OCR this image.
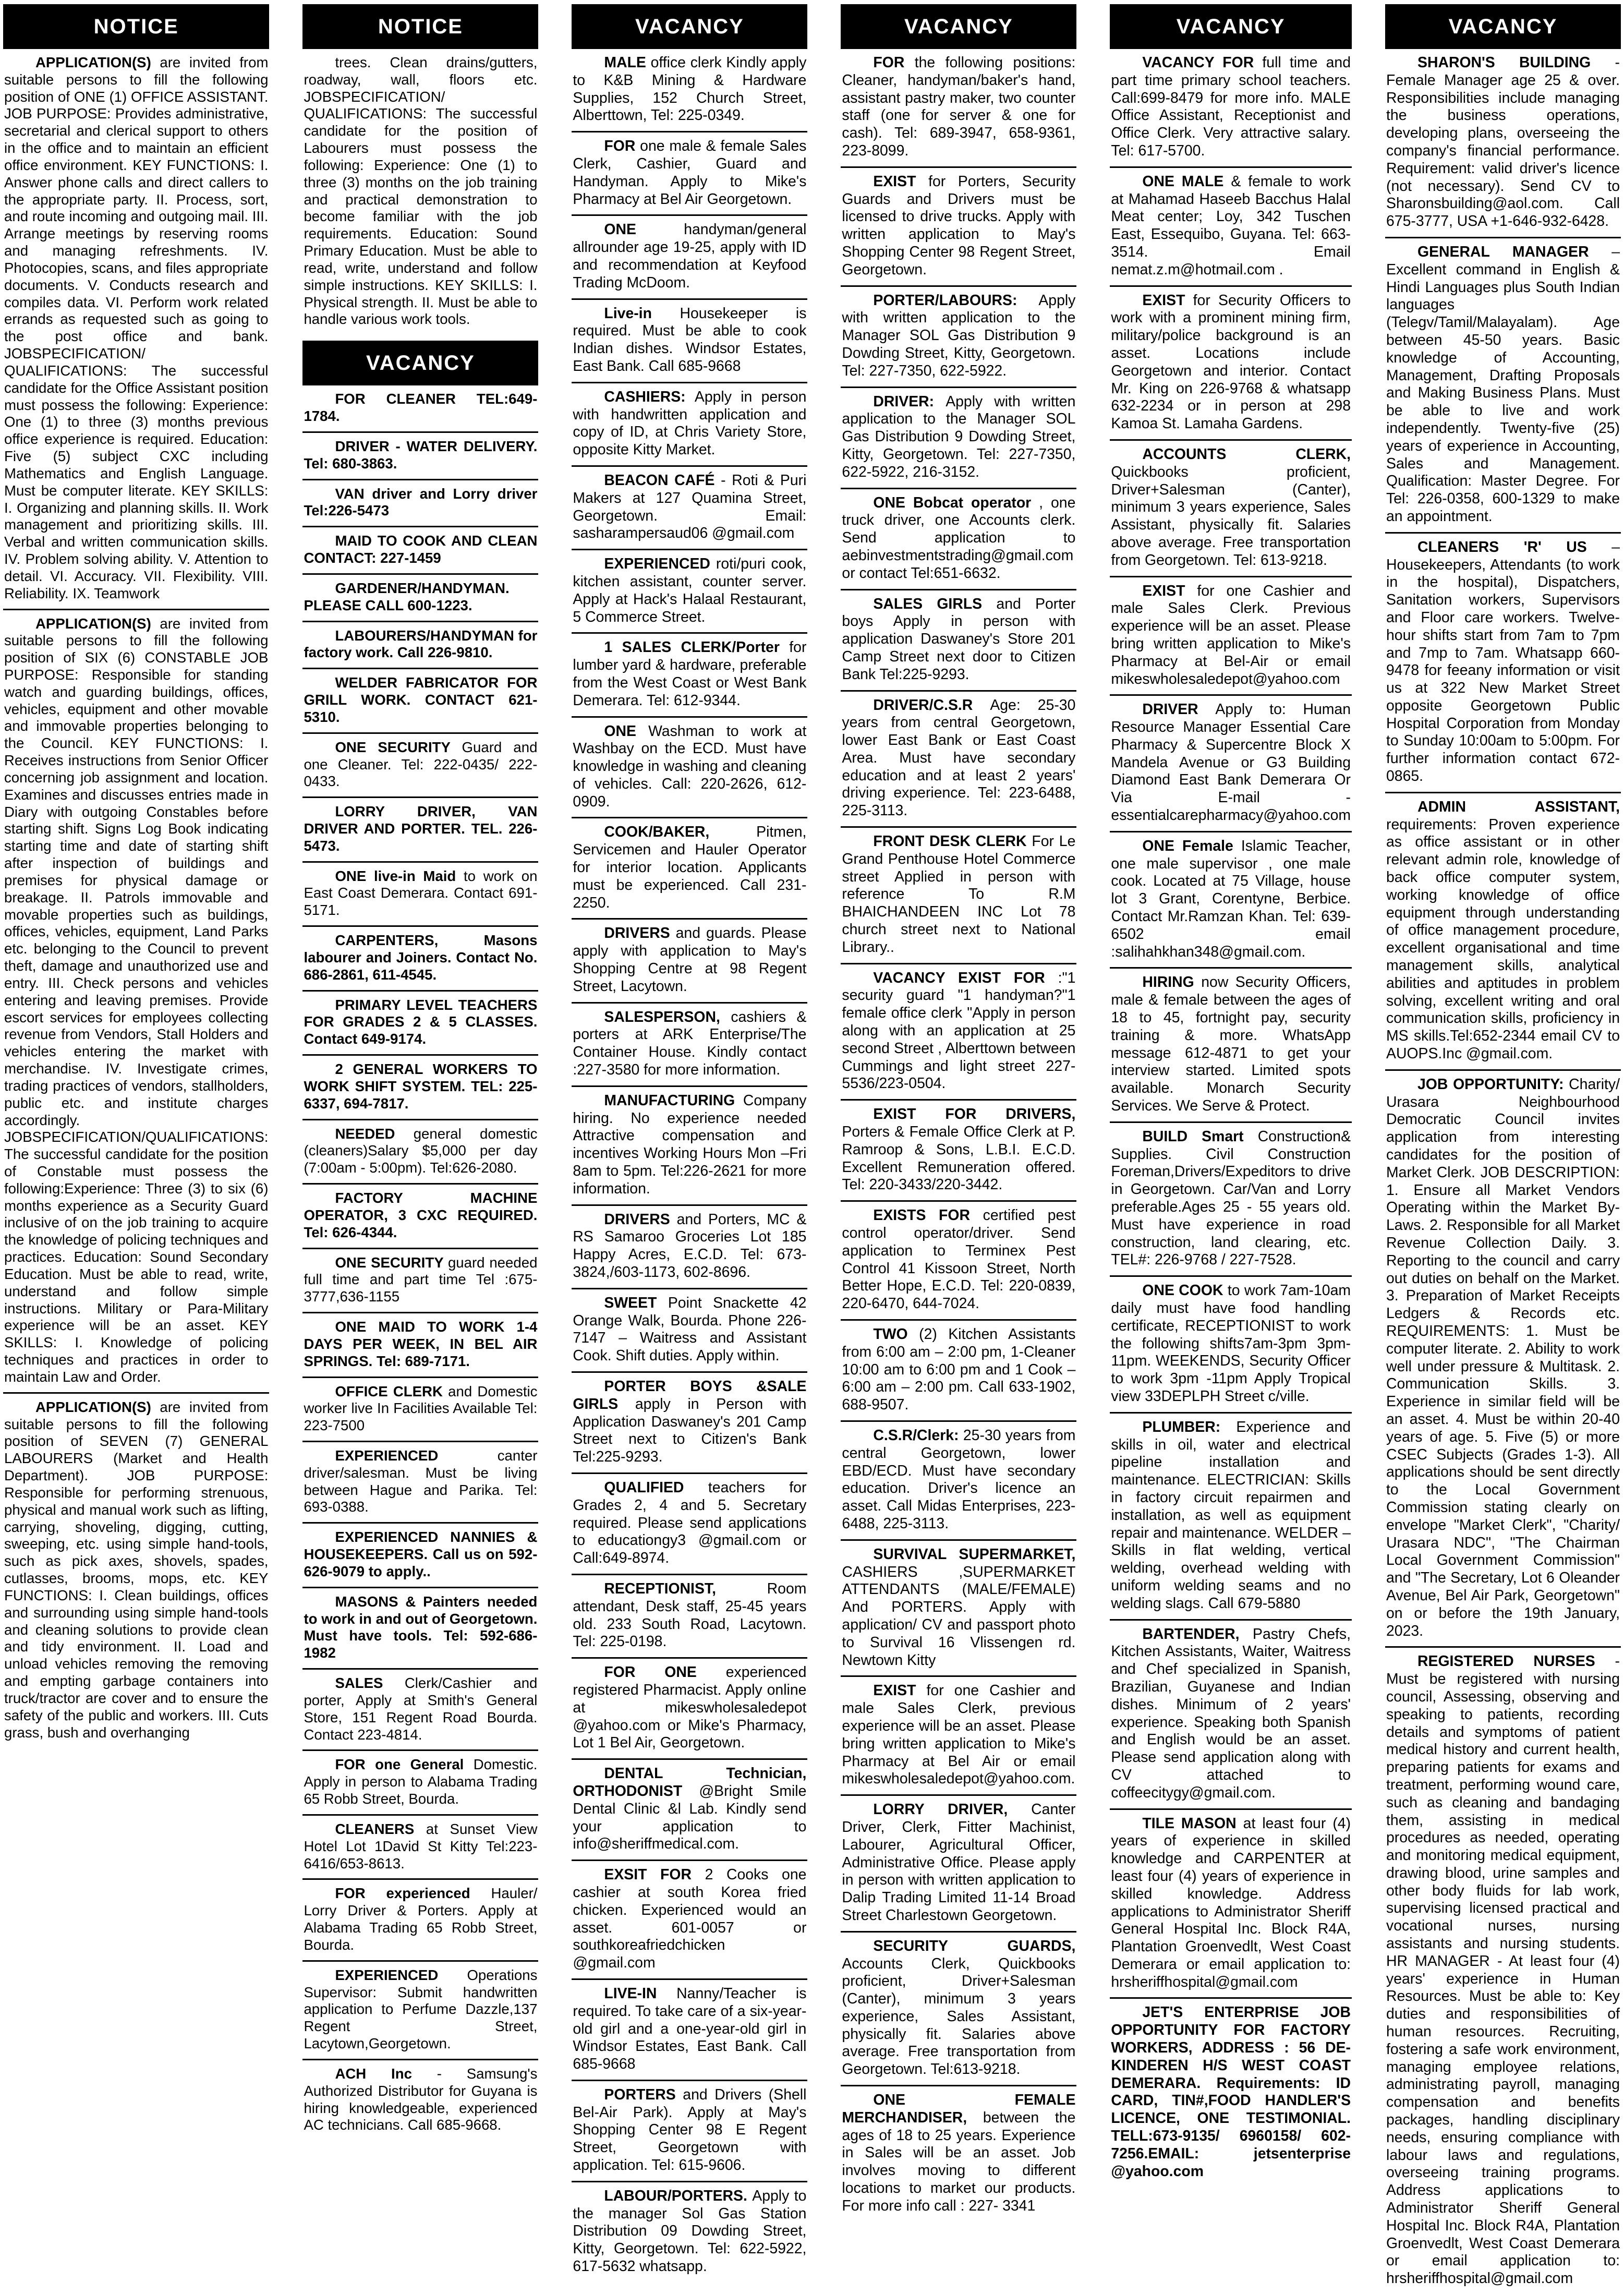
NOTICE
APPLICATION(S) are invited from suitable persons to fill the following position of ONE (1) OFFICE ASSISTANT. JOB PURPOSE: Provides administrative, secretarial and clerical support to others in the office and to maintain an efficient office environment. KEY FUNCTIONS: I. Answer phone calls and direct callers to the appropriate party. II. Process, sort, and route incoming and outgoing mail. III. Arrange meetings by reserving rooms and managing refreshments. IV. Photocopies, scans, and files appropriate documents. V. Conducts research and compiles data. VI. Perform work related errands as requested such as going to the post office and bank. JOBSPECIFICATION/ QUALIFICATIONS: The successful candidate for the Office Assistant position must possess the following: Experience: One (1) to three (3) months previous office experience is required. Education: Five (5) subject CXC including Mathematics and English Language. Must be computer literate. KEY SKILLS: I. Organizing and planning skills. II. Work management and prioritizing skills. III. Verbal and written communication skills. IV. Problem solving ability. V. Attention to detail. VI. Accuracy. VII. Flexibility. VIII. Reliability. IX. Teamwork
APPLICATION(S) are invited from suitable persons to fill the following position of SIX (6) CONSTABLE JOB PURPOSE: Responsible for standing watch and guarding buildings, offices, vehicles, equipment and other movable and immovable properties belonging to the Council. KEY FUNCTIONS: I. Receives instructions from Senior Officer concerning job assignment and location. Examines and discusses entries made in Diary with outgoing Constables before starting shift. Signs Log Book indicating starting time and date of starting shift after inspection of buildings and premises for physical damage or breakage. II. Patrols immovable and movable properties such as buildings, offices, vehicles, equipment, Land Parks etc. belonging to the Council to prevent theft, damage and unauthorized use and entry. III. Check persons and vehicles entering and leaving premises. Provide escort services for employees collecting revenue from Vendors, Stall Holders and vehicles entering the market with merchandise. IV. Investigate crimes, trading practices of vendors, stallholders, public etc. and institute charges accordingly. JOBSPECIFICATION/QUALIFICATIONS: The successful candidate for the position of Constable must possess the following:Experience: Three (3) to six (6) months experience as a Security Guard inclusive of on the job training to acquire the knowledge of policing techniques and practices. Education: Sound Secondary Education. Must be able to read, write, understand and follow simple instructions. Military or Para-Military experience will be an asset. KEY SKILLS: I. Knowledge of policing techniques and practices in order to maintain Law and Order.
APPLICATION(S) are invited from suitable persons to fill the following position of SEVEN (7) GENERAL LABOURERS (Market and Health Department). JOB PURPOSE: Responsible for performing strenuous, physical and manual work such as lifting, carrying, shoveling, digging, cutting, sweeping, etc. using simple hand-tools, such as pick axes, shovels, spades, cutlasses, brooms, mops, etc. KEY FUNCTIONS: I. Clean buildings, offices and surrounding using simple hand-tools and cleaning solutions to provide clean and tidy environment. II. Load and unload vehicles removing the removing and empting garbage containers into truck/tractor are cover and to ensure the safety of the public and workers. III. Cuts grass, bush and overhanging
NOTICE
trees. Clean drains/gutters, roadway, wall, floors etc. JOBSPECIFICATION/ QUALIFICATIONS: The successful candidate for the position of Labourers must possess the following: Experience: One (1) to three (3) months on the job training and practical demonstration to become familiar with the job requirements. Education: Sound Primary Education. Must be able to read, write, understand and follow simple instructions. KEY SKILLS: I. Physical strength. II. Must be able to handle various work tools.
VACANCY
FOR CLEANER TEL:649-1784.
DRIVER - WATER DELIVERY.Tel: 680-3863.
VAN driver and Lorry driverTel:226-5473
MAID TO COOK AND CLEAN CONTACT: 227-1459
GARDENER/HANDYMAN.PLEASE CALL 600-1223.
LABOURERS/HANDYMAN for factory work. Call 226-9810.
WELDER FABRICATOR FOR GRILL WORK. CONTACT 621-5310.
ONE SECURITY Guard and one Cleaner. Tel: 222-0435/ 222-0433.
LORRY DRIVER, VAN DRIVER AND PORTER. TEL. 226-5473.
ONE live-in Maid to work on East Coast Demerara. Contact 691-5171.
CARPENTERS, Masonslabourer and Joiners. Contact No. 686-2861, 611-4545.
PRIMARY LEVEL TEACHERS FOR GRADES 2 & 5 CLASSES.Contact 649-9174.
2 GENERAL WORKERS TO WORK SHIFT SYSTEM. TEL: 225-6337, 694-7817.
NEEDED general domestic (cleaners)Salary $5,000 per day (7:00am - 5:00pm). Tel:626-2080.
FACTORY MACHINE OPERATOR, 3 CXC REQUIRED.Tel: 626-4344.
ONE SECURITY guard needed full time and part time Tel :675-3777,636-1155
ONE MAID TO WORK 1-4 DAYS PER WEEK, IN BEL AIR SPRINGS. Tel: 689-7171.
OFFICE CLERK and Domestic worker live In Facilities Available Tel: 223-7500
EXPERIENCED	canter driver/salesman. Must be living between Hague and Parika. Tel: 693-0388.
EXPERIENCED NANNIES & HOUSEKEEPERS. Call us on 592-626-9079 to apply..
MASONS & Painters needed to work in and out of Georgetown. Must have tools. Tel: 592-686-1982
SALES Clerk/Cashier and porter, Apply at Smith's General Store, 151 Regent Road Bourda. Contact 223-4814.
FOR one General Domestic. Apply in person to Alabama Trading 65 Robb Street, Bourda.
CLEANERS at Sunset View Hotel Lot 1David St Kitty Tel:223-6416/653-8613.
FOR experienced Hauler/ Lorry Driver & Porters. Apply at Alabama Trading 65 Robb Street, Bourda.
EXPERIENCED Operations Supervisor: Submit handwritten application to Perfume Dazzle,137 Regent Street, Lacytown,Georgetown.
ACH Inc - Samsung's Authorized Distributor for Guyana is hiring knowledgeable, experienced AC technicians. Call 685-9668.
VACANCY
MALE office clerk Kindly apply to K&B Mining & Hardware Supplies, 152 Church Street, Alberttown, Tel: 225-0349.
FOR one male & female Sales Clerk, Cashier, Guard and Handyman. Apply to Mike's Pharmacy at Bel Air Georgetown.
ONE	handyman/general allrounder age 19-25, apply with ID and recommendation at Keyfood Trading McDoom.
Live-in Housekeeper is required. Must be able to cook Indian dishes. Windsor Estates, East Bank. Call 685-9668
CASHIERS: Apply in person with handwritten application and copy of ID, at Chris Variety Store, opposite Kitty Market.
BEACON CAFÉ - Roti & Puri Makers at 127 Quamina Street, Georgetown. Email: sasharampersaud06 @gmail.com
EXPERIENCED roti/puri cook, kitchen assistant, counter server. Apply at Hack's Halaal Restaurant, 5 Commerce Street.
1 SALES CLERK/Porter for lumber yard & hardware, preferable from the West Coast or West Bank Demerara. Tel: 612-9344.
ONE Washman to work at Washbay on the ECD. Must have knowledge in washing and cleaning of vehicles. Call: 220-2626, 612-0909.
COOK/BAKER,	Pitmen, Servicemen and Hauler Operator for interior location. Applicants must be experienced. Call 231-2250.
DRIVERS and guards. Please apply with application to May's Shopping Centre at 98 Regent Street, Lacytown.
SALESPERSON, cashiers & porters at ARK Enterprise/The Container House. Kindly contact :227-3580 for more information.
MANUFACTURING Company hiring. No experience needed Attractive compensation and incentives Working Hours Mon –Fri 8am to 5pm. Tel:226-2621 for more information.
DRIVERS and Porters, MC & RS Samaroo Groceries Lot 185 Happy Acres, E.C.D. Tel: 673-3824,/603-1173, 602-8696.
SWEET Point Snackette 42 Orange Walk, Bourda. Phone 226-7147 – Waitress and Assistant Cook. Shift duties. Apply within.
PORTER BOYS &SALE GIRLS apply in Person with Application Daswaney's 201 Camp Street next to Citizen's Bank Tel:225-9293.
QUALIFIED teachers for Grades 2, 4 and 5. Secretary required. Please send applications to educationgy3 @gmail.com or Call:649-8974.
RECEPTIONIST,	Room attendant, Desk staff, 25-45 years old. 233 South Road, Lacytown. Tel: 225-0198.
FOR ONE experienced registered Pharmacist. Apply online at mikeswholesaledepot @yahoo.com or Mike's Pharmacy, Lot 1 Bel Air, Georgetown.
DENTAL Technician, ORTHODONIST @Bright Smile Dental Clinic &l Lab. Kindly send your application to info@sheriffmedical.com.
EXSIT FOR 2 Cooks one cashier at south Korea fried chicken. Experienced would an asset. 601-0057 or southkoreafriedchicken @gmail.com
LIVE-IN Nanny/Teacher is required. To take care of a six-year-old girl and a one-year-old girl in Windsor Estates, East Bank. Call 685-9668
PORTERS and Drivers (Shell Bel-Air Park). Apply at May's Shopping Center 98 E Regent Street, Georgetown with application. Tel: 615-9606.
LABOUR/PORTERS. Apply to the manager Sol Gas Station Distribution 09 Dowding Street, Kitty, Georgetown. Tel: 622-5922, 617-5632 whatsapp.
VACANCY
FOR the following positions: Cleaner, handyman/baker's hand, assistant pastry maker, two counter staff (one for server & one for cash). Tel: 689-3947, 658-9361, 223-8099.
EXIST for Porters, Security Guards and Drivers must be licensed to drive trucks. Apply with written application to May's Shopping Center 98 Regent Street, Georgetown.
PORTER/LABOURS: Apply with written application to the Manager SOL Gas Distribution 9 Dowding Street, Kitty, Georgetown. Tel: 227-7350, 622-5922.
DRIVER: Apply with written application to the Manager SOL Gas Distribution 9 Dowding Street, Kitty, Georgetown. Tel: 227-7350, 622-5922, 216-3152.
ONE Bobcat operator , one truck driver, one Accounts clerk. Send application to aebinvestmentstrading@gmail.com or contact Tel:651-6632.
SALES GIRLS and Porter boys Apply in person with application Daswaney's Store 201 Camp Street next door to Citizen Bank Tel:225-9293.
DRIVER/C.S.R Age: 25-30 years from central Georgetown, lower East Bank or East Coast Area. Must have secondary education and at least 2 years' driving experience. Tel: 223-6488, 225-3113.
FRONT DESK CLERK For Le Grand Penthouse Hotel Commerce street Applied in person with reference To R.M BHAICHANDEEN INC Lot 78 church street next to National Library..
VACANCY EXIST FOR :"1 security guard "1 handyman?"1 female office clerk "Apply in person along with an application at 25 second Street , Alberttown between Cummings and light street 227-5536/223-0504.
EXIST FOR DRIVERS,Porters & Female Office Clerk at P. Ramroop & Sons, L.B.I. E.C.D. Excellent Remuneration offered. Tel: 220-3433/220-3442.
EXISTS FOR certified pest control operator/driver. Send application to Terminex Pest Control 41 Kissoon Street, North Better Hope, E.C.D. Tel: 220-0839, 220-6470, 644-7024.
TWO (2) Kitchen Assistants from 6:00 am – 2:00 pm, 1-Cleaner 10:00 am to 6:00 pm and 1 Cook – 6:00 am – 2:00 pm. Call 633-1902, 688-9507.
C.S.R/Clerk: 25-30 years from central Georgetown, lower EBD/ECD. Must have secondary education. Driver's licence an asset. Call Midas Enterprises, 223-6488, 225-3113.
SURVIVAL SUPERMARKET,CASHIERS ,SUPERMARKET ATTENDANTS (MALE/FEMALE) And PORTERS. Apply with application/ CV and passport photo to Survival 16 Vlissengen rd. Newtown Kitty
EXIST for one Cashier and male Sales Clerk, previous experience will be an asset. Please bring written application to Mike's Pharmacy at Bel Air or email mikeswholesaledepot@yahoo.com.
LORRY DRIVER, Canter Driver, Clerk, Fitter Machinist, Labourer, Agricultural Officer, Administrative Office. Please apply in person with written application to Dalip Trading Limited 11-14 Broad Street Charlestown Georgetown.
SECURITY GUARDS,Accounts Clerk, Quickbooks proficient, Driver+Salesman (Canter), minimum 3 years experience, Sales Assistant, physically fit. Salaries above average. Free transportation from Georgetown. Tel:613-9218.
ONE FEMALE MERCHANDISER, between the ages of 18 to 25 years. Experience in Sales will be an asset. Job involves moving to different locations to market our products. For more info call : 227- 3341
VACANCY
VACANCY FOR full time and part time primary school teachers. Call:699-8479 for more info. MALE Office Assistant, Receptionist and Office Clerk. Very attractive salary. Tel: 617-5700.
ONE MALE & female to work at Mahamad Haseeb Bacchus Halal Meat center; Loy, 342 Tuschen East, Essequibo, Guyana. Tel: 663-3514. Email nemat.z.m@hotmail.com .
EXIST for Security Officers to work with a prominent mining firm, military/police background is an asset. Locations include Georgetown and interior. Contact Mr. King on 226-9768 & whatsapp 632-2234 or in person at 298 Kamoa St. Lamaha Gardens.
ACCOUNTS CLERK,Quickbooks proficient, Driver+Salesman (Canter), minimum 3 years experience, Sales Assistant, physically fit. Salaries above average. Free transportation from Georgetown. Tel: 613-9218.
EXIST for one Cashier and male Sales Clerk. Previous experience will be an asset. Please bring written application to Mike's Pharmacy at Bel-Air or email mikeswholesaledepot@yahoo.com
DRIVER Apply to: Human Resource Manager Essential Care Pharmacy & Supercentre Block X Mandela Avenue or G3 Building Diamond East Bank Demerara Or Via E-mail - essentialcarepharmacy@yahoo.com
ONE Female Islamic Teacher, one male supervisor , one male cook. Located at 75 Village, house lot 3 Grant, Corentyne, Berbice. Contact Mr.Ramzan Khan. Tel: 639-6502 email :salihahkhan348@gmail.com.
HIRING now Security Officers, male & female between the ages of 18 to 45, fortnight pay, security training & more. WhatsApp message 612-4871 to get your interview started. Limited spots available. Monarch Security Services. We Serve & Protect.
BUILD Smart Construction& Supplies. Civil Construction Foreman,Drivers/Expeditors to drive in Georgetown. Car/Van and Lorry preferable.Ages 25 - 55 years old. Must have experience in road construction, land clearing, etc. TEL#: 226-9768 / 227-7528.
ONE COOK to work 7am-10am daily must have food handling certificate, RECEPTIONIST to work the following shifts7am-3pm 3pm-11pm. WEEKENDS, Security Officer to work 3pm -11pm Apply Tropical view 33DEPLPH Street c/ville.
PLUMBER: Experience and skills in oil, water and electrical pipeline installation and maintenance. ELECTRICIAN: Skills in factory circuit repairmen and installation, as well as equipment repair and maintenance. WELDER – Skills in flat welding, vertical welding, overhead welding with uniform welding seams and no welding slags. Call 679-5880
BARTENDER, Pastry Chefs, Kitchen Assistants, Waiter, Waitress and Chef specialized in Spanish, Brazilian, Guyanese and Indian dishes. Minimum of 2 years' experience. Speaking both Spanish and English would be an asset. Please send application along with CV attached to coffeecitygy@gmail.com.
TILE MASON at least four (4) years of experience in skilled knowledge and CARPENTER at least four (4) years of experience in skilled knowledge. Address applications to Administrator Sheriff General Hospital Inc. Block R4A, Plantation Groenvedlt, West Coast Demerara or email application to: hrsheriffhospital@gmail.com
JET'S ENTERPRISE JOB OPPORTUNITY FOR FACTORY WORKERS, ADDRESS : 56 DE-KINDEREN H/S WEST COAST DEMERARA. Requirements: ID CARD, TIN#,FOOD HANDLER'S LICENCE, ONE TESTIMONIAL. TELL:673-9135/ 6960158/ 602-7256.EMAIL: jetsenterprise @yahoo.com
VACANCY
SHARON'S BUILDING - Female Manager age 25 & over. Responsibilities include managing the business operations, developing plans, overseeing the company's financial performance. Requirement: valid driver's licence (not necessary). Send CV to Sharonsbuilding@aol.com. Call 675-3777, USA +1-646-932-6428.
GENERAL MANAGER – Excellent command in English & Hindi Languages plus South Indian languages (Telegv/Tamil/Malayalam). Age between 45-50 years. Basic knowledge of Accounting, Management, Drafting Proposals and Making Business Plans. Must be able to live and work independently. Twenty-five (25) years of experience in Accounting, Sales and Management. Qualification: Master Degree. For Tel: 226-0358, 600-1329 to make an appointment.
CLEANERS 'R' US – Housekeepers, Attendants (to work in the hospital), Dispatchers, Sanitation workers, Supervisors and Floor care workers. Twelve-hour shifts start from 7am to 7pm and 7mp to 7am. Whatsapp 660-9478 for feeany information or visit us at 322 New Market Street opposite Georgetown Public Hospital Corporation from Monday to Sunday 10:00am to 5:00pm. For further information contact 672-0865.
ADMIN ASSISTANT,requirements: Proven experience as office assistant or in other relevant admin role, knowledge of back office computer system, working knowledge of office equipment through understanding of office management procedure, excellent organisational and time management skills, analytical abilities and aptitudes in problem solving, excellent writing and oral communication skills, proficiency in MS skills.Tel:652-2344 email CV to AUOPS.Inc @gmail.com.
JOB OPPORTUNITY: Charity/ Urasara Neighbourhood Democratic Council invites application from interesting candidates for the position of Market Clerk. JOB DESCRIPTION: 1. Ensure all Market Vendors Operating within the Market By-Laws. 2. Responsible for all Market Revenue Collection Daily. 3. Reporting to the council and carry out duties on behalf on the Market. 3. Preparation of Market Receipts Ledgers & Records etc. REQUIREMENTS: 1. Must be computer literate. 2. Ability to work well under pressure & Multitask. 2. Communication Skills. 3. Experience in similar field will be an asset. 4. Must be within 20-40 years of age. 5. Five (5) or more CSEC Subjects (Grades 1-3). All applications should be sent directly to the Local Government Commission stating clearly on envelope "Market Clerk", "Charity/ Urasara NDC", "The Chairman Local Government Commission" and "The Secretary, Lot 6 Oleander Avenue, Bel Air Park, Georgetown" on or before the 19th January, 2023.
REGISTERED NURSES - Must be registered with nursing council, Assessing, observing and speaking to patients, recording details and symptoms of patient medical history and current health, preparing patients for exams and treatment, performing wound care, such as cleaning and bandaging them, assisting in medical procedures as needed, operating and monitoring medical equipment, drawing blood, urine samples and other body fluids for lab work, supervising licensed practical and vocational nurses, nursing assistants and nursing students. HR MANAGER - At least four (4) years' experience in Human Resources. Must be able to: Key duties and responsibilities of human resources. Recruiting, fostering a safe work environment, managing employee relations, administrating payroll, managing compensation and benefits packages, handling disciplinary needs, ensuring compliance with labour laws and regulations, overseeing training programs. Address applications to Administrator Sheriff General Hospital Inc. Block R4A, Plantation Groenvedlt, West Coast Demerara or email application to: hrsheriffhospital@gmail.com
